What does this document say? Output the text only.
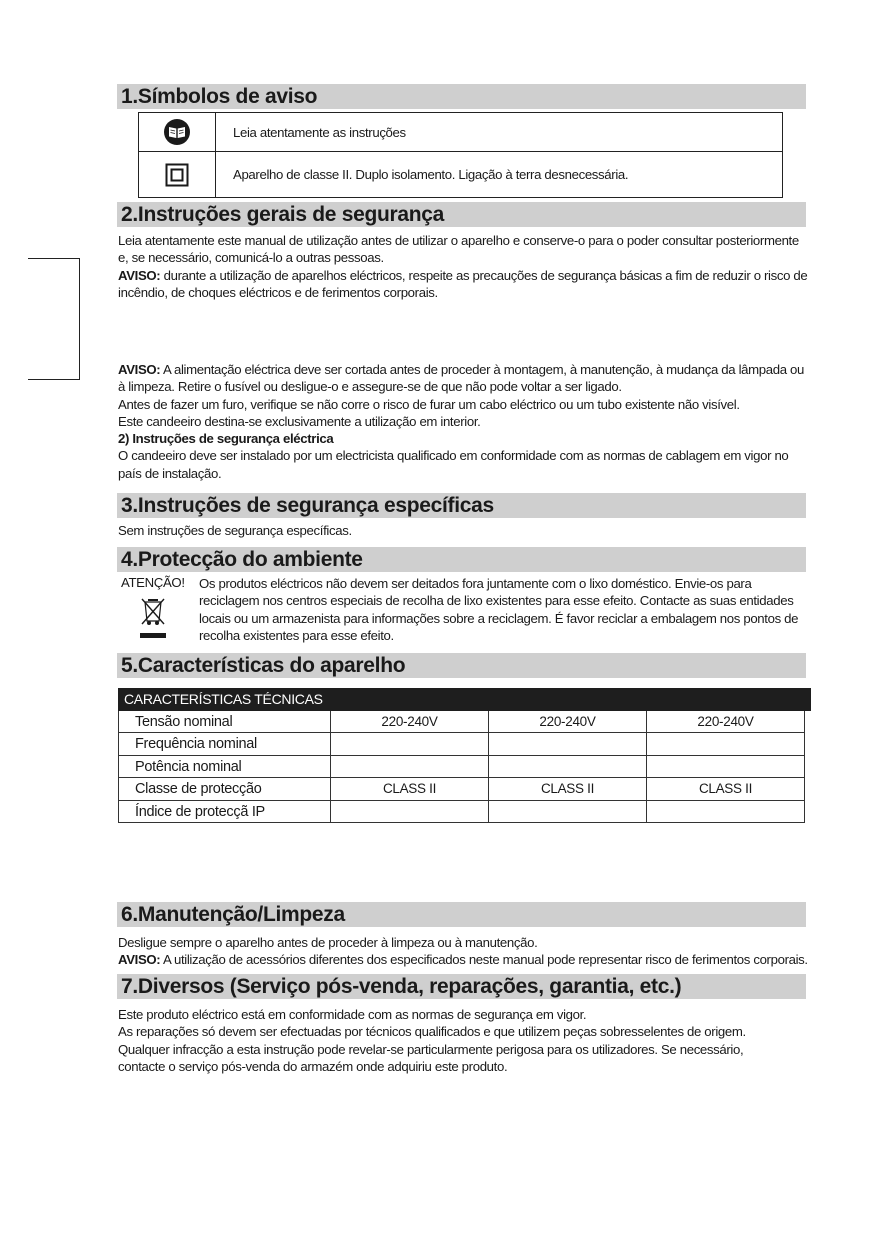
1.Símbolos de aviso
Leia atentamente as instruções
Aparelho de classe II. Duplo isolamento. Ligação à terra desnecessária.
2.Instruções gerais de segurança

Leia atentamente este manual de utilização antes de utilizar o aparelho e conserve-o para o poder consultar posteriormente e, se necessário, comunicá-lo a outras pessoas.

AVISO: durante a utilização de aparelhos eléctricos, respeite as precauções de segurança básicas a fim de reduzir o risco de incêndio, de choques eléctricos e de ferimentos corporais.

AVISO: A alimentação eléctrica deve ser cortada antes de proceder à montagem, à manutenção, à mudança da lâmpada ou à limpeza. Retire o fusível ou desligue-o e assegure-se de que não pode voltar a ser ligado.

Antes de fazer um furo, verifique se não corre o risco de furar um cabo eléctrico ou um tubo existente não visível.

Este candeeiro destina-se exclusivamente a utilização em interior.

2) Instruções de segurança eléctrica

O candeeiro deve ser instalado por um electricista qualificado em conformidade com as normas de cablagem em vigor no país de instalação.

3.Instruções de segurança específicas
Sem instruções de segurança específicas.
4.Protecção do ambiente
ATENÇÃO! Os produtos eléctricos não devem ser deitados fora juntamente com o lixo doméstico. Envie-os para reciclagem nos centros especiais de recolha de lixo existentes para esse efeito. Contacte as suas entidades locais ou um armazenista para informações sobre a reciclagem. É favor reciclar a embalagem nos pontos de recolha existentes para esse efeito.
5.Características do aparelho
CARACTERÍSTICAS TÉCNICAS
Tensão nominal	220-240V	220-240V	220-240V
Frequência nominal
Potência nominal
Classe de protecção	CLASS II	CLASS II	CLASS II
Índice de protecçã IP
6.Manutenção/Limpeza

Desligue sempre o aparelho antes de proceder à limpeza ou à manutenção.

AVISO: A utilização de acessórios diferentes dos especificados neste manual pode representar risco de ferimentos corporais.

7.Diversos (Serviço pós-venda, reparações, garantia, etc.)

Este produto eléctrico está em conformidade com as normas de segurança em vigor.

As reparações só devem ser efectuadas por técnicos qualificados e que utilizem peças sobresselentes de origem.

Qualquer infracção a esta instrução pode revelar-se particularmente perigosa para os utilizadores. Se necessário, contacte o serviço pós-venda do armazém onde adquiriu este produto.
